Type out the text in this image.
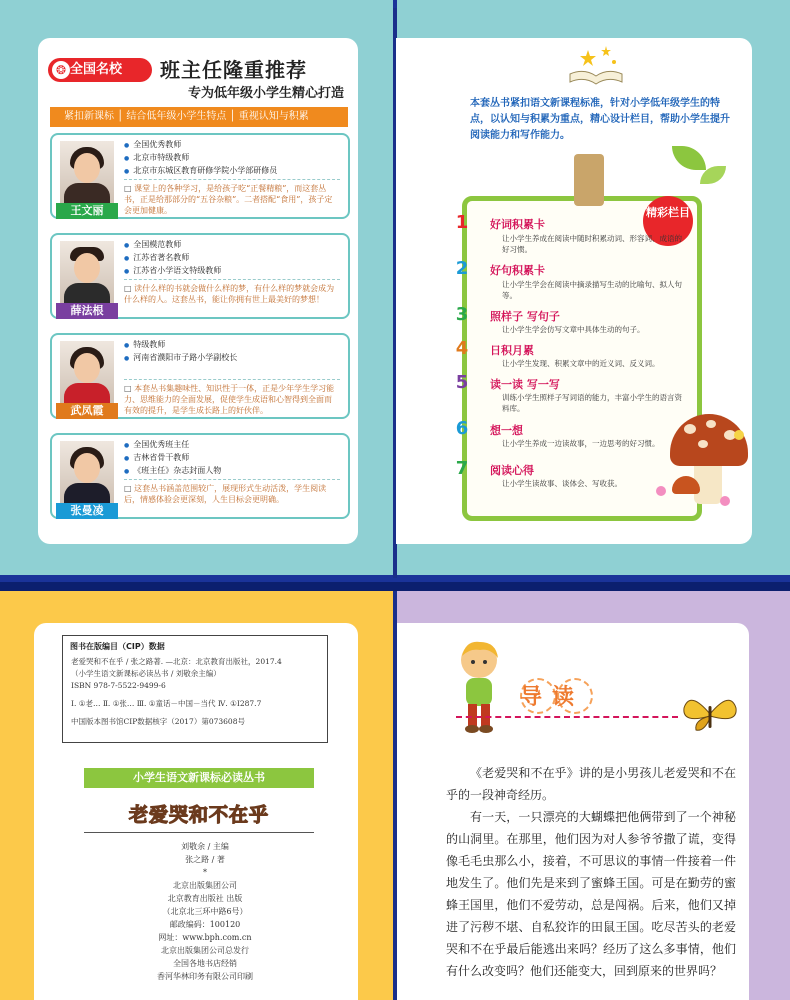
❂ 全国名校	班主任隆重推荐
专为低年级小学生精心打造
紧扣新课标 │ 结合低年级小学生特点 │ 重视认知与积累
王文丽
● 全国优秀教师
● 北京市特级教师
● 北京市东城区教育研修学院小学部研修员
□ 课堂上的各种学习，是给孩子吃“正餐精粮”，而这套丛书，正是给那部分的“五谷杂粮”。二者搭配“食用”，孩子定会更加健康。
薛法根
● 全国模范教师
● 江苏省著名教师
● 江苏省小学语文特级教师
□ 读什么样的书就会做什么样的梦，有什么样的梦就会成为什么样的人。这套丛书，能让你拥有世上最美好的梦想！
武凤霞
● 特级教师
● 河南省濮阳市子路小学副校长
□ 本套丛书集趣味性、知识性于一体，正是少年学生学习能力、思维能力的全面发展，促使学生成语和心智得到全面而有效的提升，是学生成长路上的好伙伴。
张曼凌
● 全国优秀班主任
● 吉林省骨干教师
● 《班主任》杂志封面人物
□ 这套丛书涵盖范围较广，展现形式生动活泼，学生阅读后，情感体验会更深刻，人生目标会更明确。
本套丛书紧扣语文新课程标准，针对小学低年级学生的特点，以认知与积累为重点，精心设计栏目，帮助小学生提升阅读能力和写作能力。
精彩栏目
1	好词积累卡
让小学生养成在阅读中随时积累动词、形容词、成语的好习惯。
2	好句积累卡
让小学生学会在阅读中摘录描写生动的比喻句、拟人句等。
3	照样子 写句子
让小学生学会仿写文章中具体生动的句子。
4	日积月累
让小学生发现、积累文章中的近义词、反义词。
5	读一读 写一写
训练小学生照样子写词语的能力，丰富小学生的语言资料库。
6	想一想
让小学生养成一边读故事，一边思考的好习惯。
7	阅读心得
让小学生读故事、谈体会、写收获。
图书在版编目（CIP）数据
老爱哭和不在乎 / 张之路著. —北京：北京教育出版社，2017.4
（小学生语文新课标必读丛书 / 刘敬余主编）
ISBN 978-7-5522-9499-6
Ⅰ. ①老… Ⅱ. ①张… Ⅲ. ①童话－中国－当代 Ⅳ. ①I287.7
中国版本图书馆CIP数据核字（2017）第073608号
小学生语文新课标必读丛书
老爱哭和不在乎
刘敬余 / 主编
张之路 / 著
*
北京出版集团公司
北京教育出版社 出版
（北京北三环中路6号）
邮政编码：100120
网址：www.bph.com.cn
北京出版集团公司总发行
全国各地书店经销
香河华林印务有限公司印刷
导读

《老爱哭和不在乎》讲的是小男孩儿老爱哭和不在乎的一段神奇经历。

有一天，一只漂亮的大蝴蝶把他俩带到了一个神秘的山洞里。在那里，他们因为对人参爷爷撒了谎，变得像毛毛虫那么小，接着，不可思议的事情一件接着一件地发生了。他们先是来到了蜜蜂王国。可是在勤劳的蜜蜂王国里，他们不爱劳动，总是闯祸。后来，他们又掉进了污秽不堪、自私狡诈的田鼠王国。吃尽苦头的老爱哭和不在乎最后能逃出来吗？经历了这么多事情，他们有什么改变吗？他们还能变大，回到原来的世界吗？
